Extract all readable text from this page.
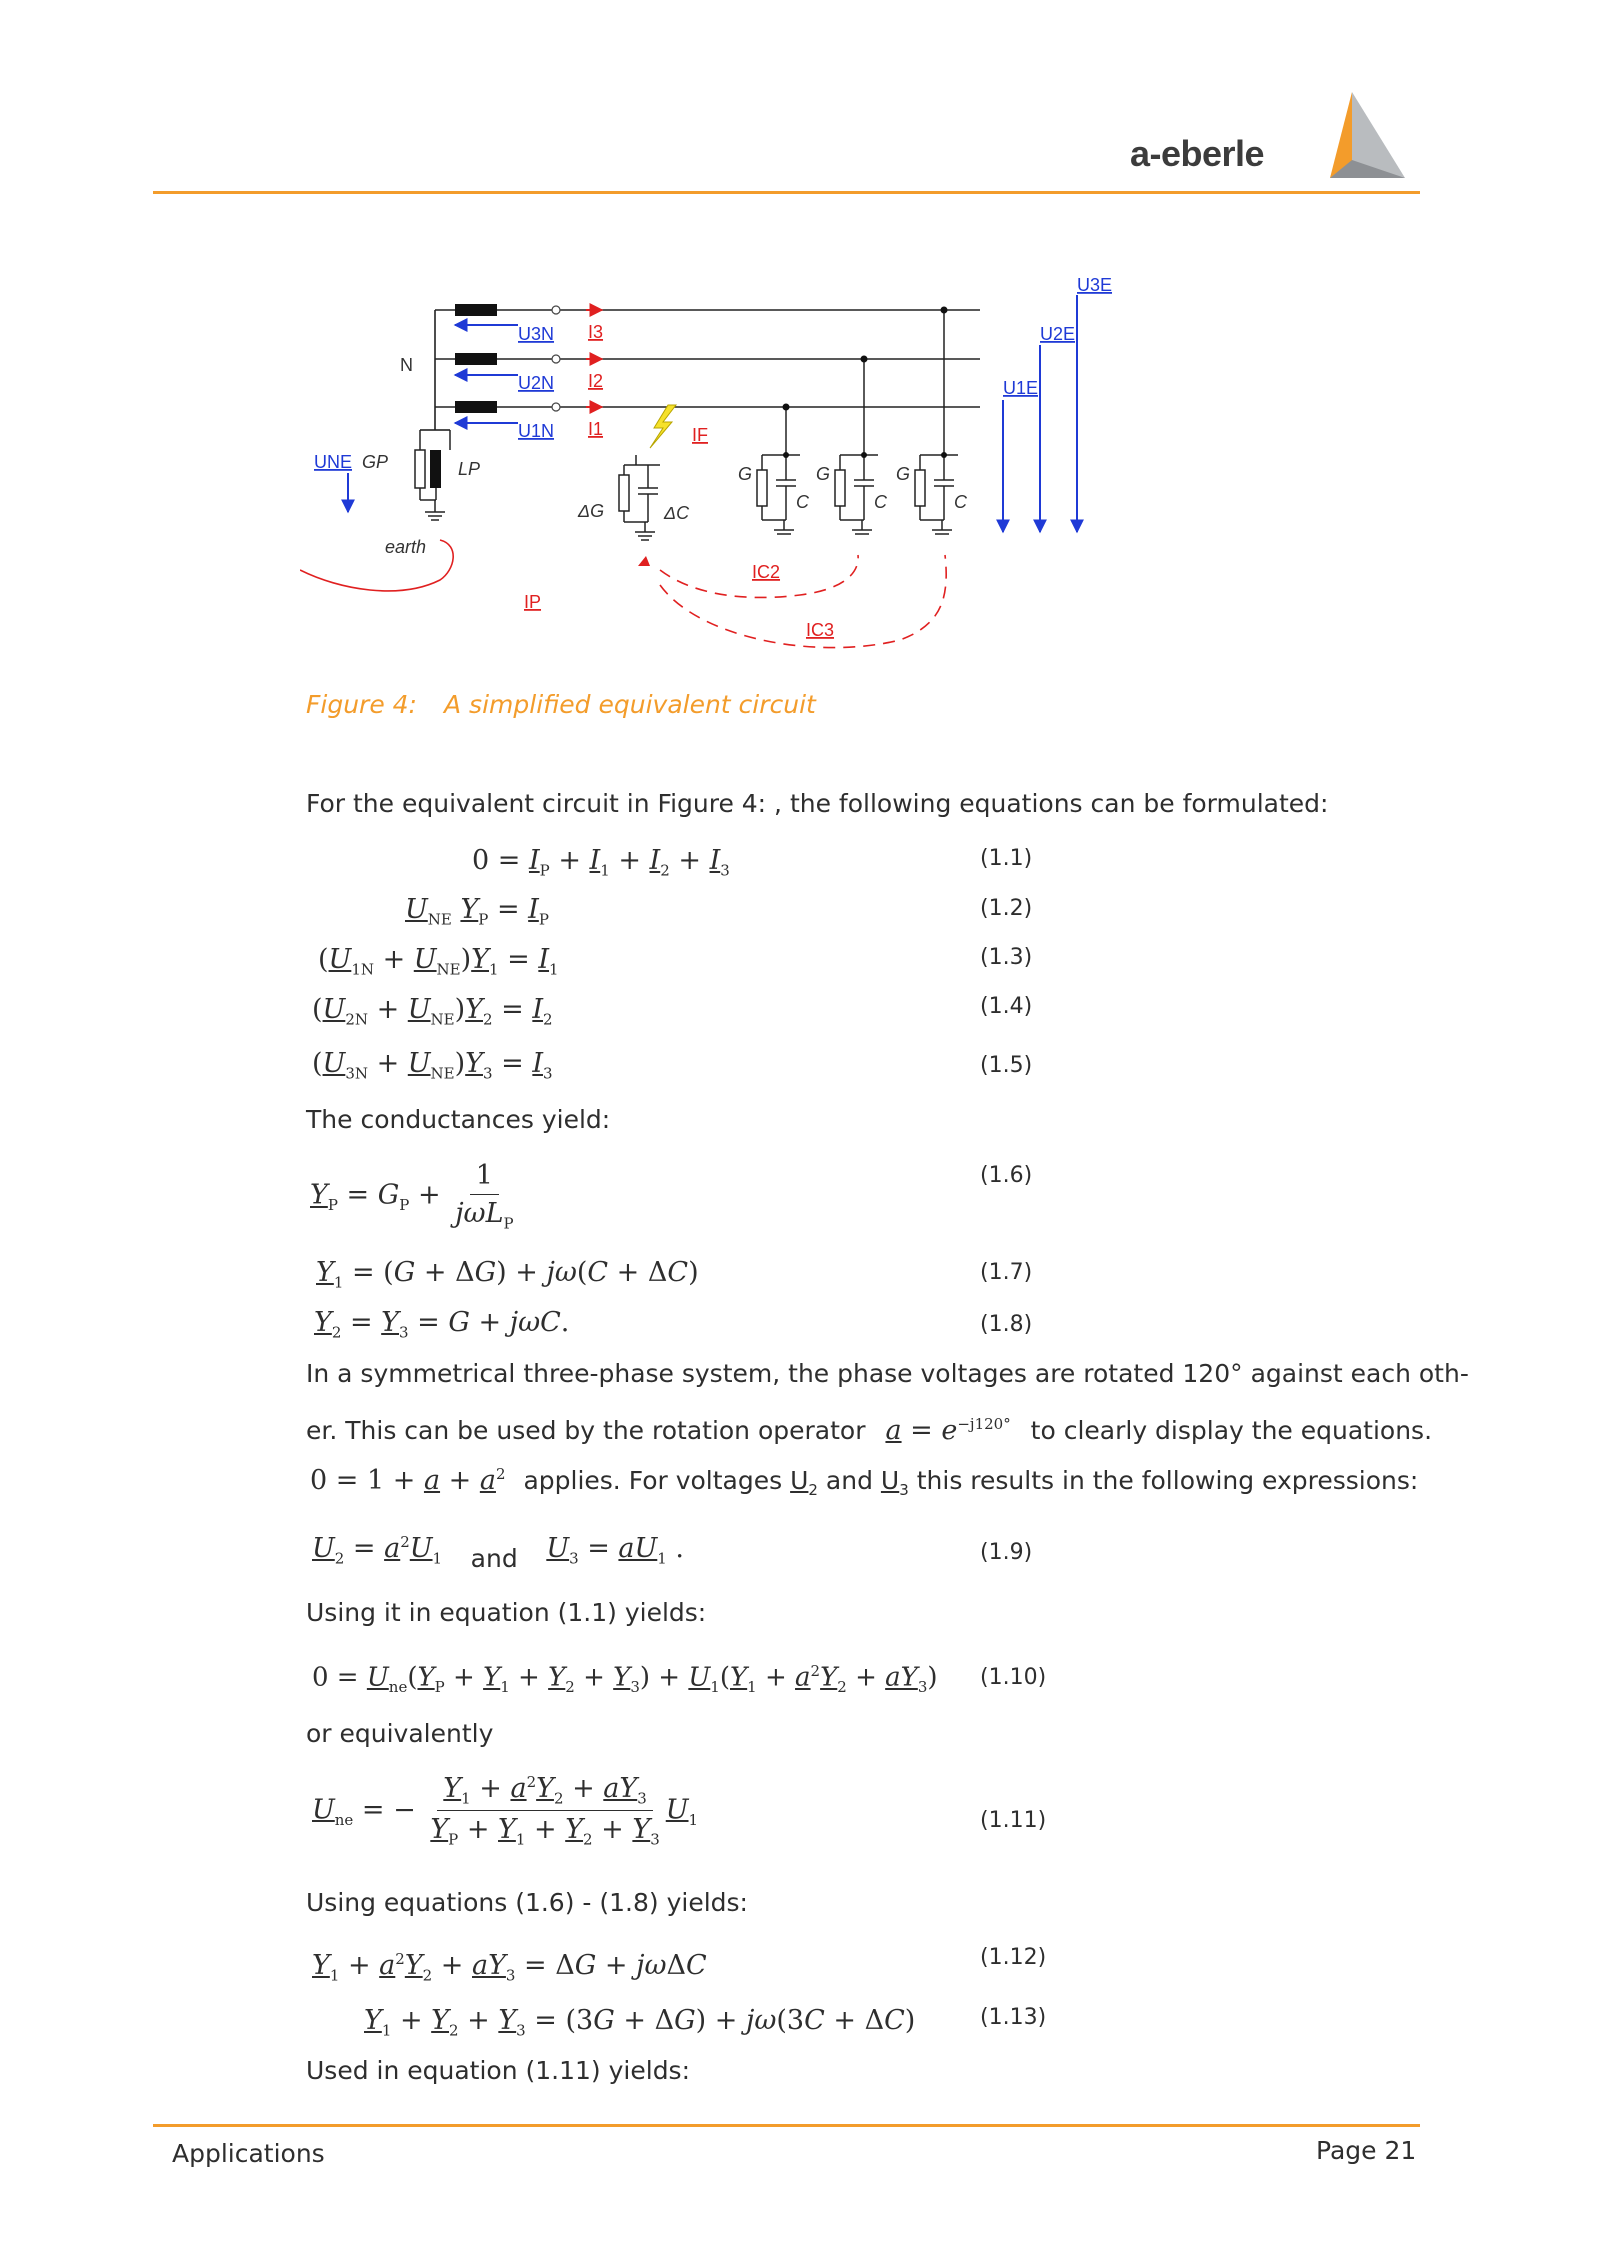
a-eberle
N
U3N
U2N
U1N
I3
I2
I1	IF
UNE GP	LP
ΔG	ΔC
G
C
G
C
G
C
U1E
U2E
U3E
earth
IP
IC2
IC3
Figure 4: A simplified equivalent circuit
For the equivalent circuit in Figure 4: , the following equations can be formulated:
$0 = I_P + I_1 + I_2 + I_3$	(1.1)
$U_{NE}$ $Y_P = I_P$	(1.2)
$(U_{1N} + U_{NE})Y_1 = I_1$	(1.3)
$(U_{2N} + U_{NE})Y_2 = I_2$
(1.4)
$(U_{3N} + U_{NE})Y_3 = I_3$	(1.5)
The conductances yield:
$Y_P = G_P + \frac{1}{j\omega L_P}$	(1.6)
$Y_1 = (G + \Delta G) + j\omega(C + \Delta C)$	(1.7)
$Y_2 = Y_3 = G + j\omega C$.	(1.8)
In a symmetrical three-phase system, the phase voltages are rotated 120° against each oth-
er. This can be used by the rotation operator $a = e^{-j120^\circ}$ to clearly display the equations.
$0 = 1 + a + a^2$ applies. For voltages $U_2$ and $U_3$ this results in the following expressions:
$U_2 = a^2U_1$ and $U_3 = aU_1$ .	(1.9)
Using it in equation (1.1) yields:
$0 = U_{ne}(Y_P + Y_1 + Y_2 + Y_3) + U_1(Y_1 + a^2Y_2 + aY_3)$ (1.10)
or equivalently
$U_{ne}$ = − $\frac{Y_1 + a^2Y_2 + aY_3}{Y_P + Y_1 + Y_2 + Y_3} U_1$	(1.11)
Using equations (1.6) - (1.8) yields:
$Y_1 + a^2Y_2 + aY_3 = \Delta G + j\omega\Delta C$	(1.12)
$Y_1 + Y_2 + Y_3 = (3G + \Delta G) + j\omega(3C + \Delta C)$	(1.13)
Used in equation (1.11) yields:
Applications	Page 21
